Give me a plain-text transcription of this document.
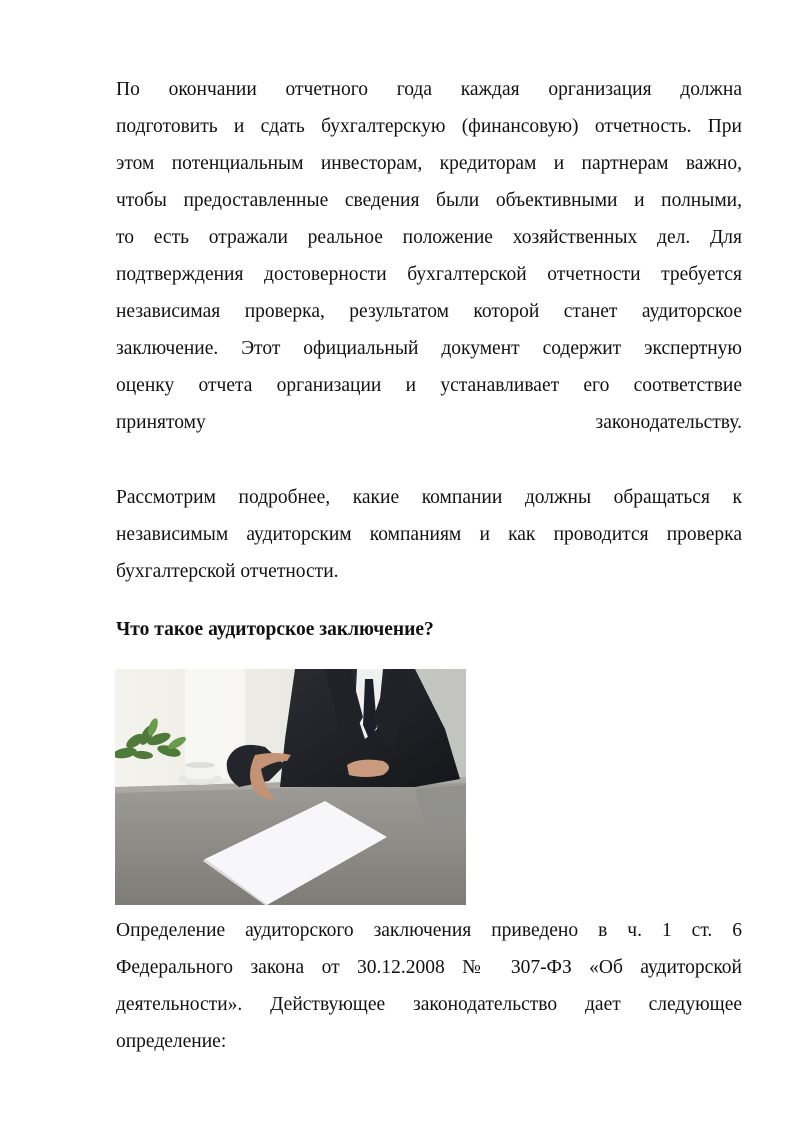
По окончании отчетного года каждая организация должна
подготовить и сдать бухгалтерскую (финансовую) отчетность. При
этом потенциальным инвесторам, кредиторам и партнерам важно,
чтобы предоставленные сведения были объективными и полными,
то есть отражали реальное положение хозяйственных дел. Для
подтверждения достоверности бухгалтерской отчетности требуется
независимая проверка, результатом которой станет аудиторское
заключение. Этот официальный документ содержит экспертную
оценку отчета организации и устанавливает его соответствие
принятому законодательству.
Рассмотрим подробнее, какие компании должны обращаться к
независимым аудиторским компаниям и как проводится проверка
бухгалтерской отчетности.
Что такое аудиторское заключение?
Определение аудиторского заключения приведено в ч. 1 ст. 6
Федерального закона от 30.12.2008 № 307-ФЗ «Об аудиторской
деятельности». Действующее законодательство дает следующее
определение:
